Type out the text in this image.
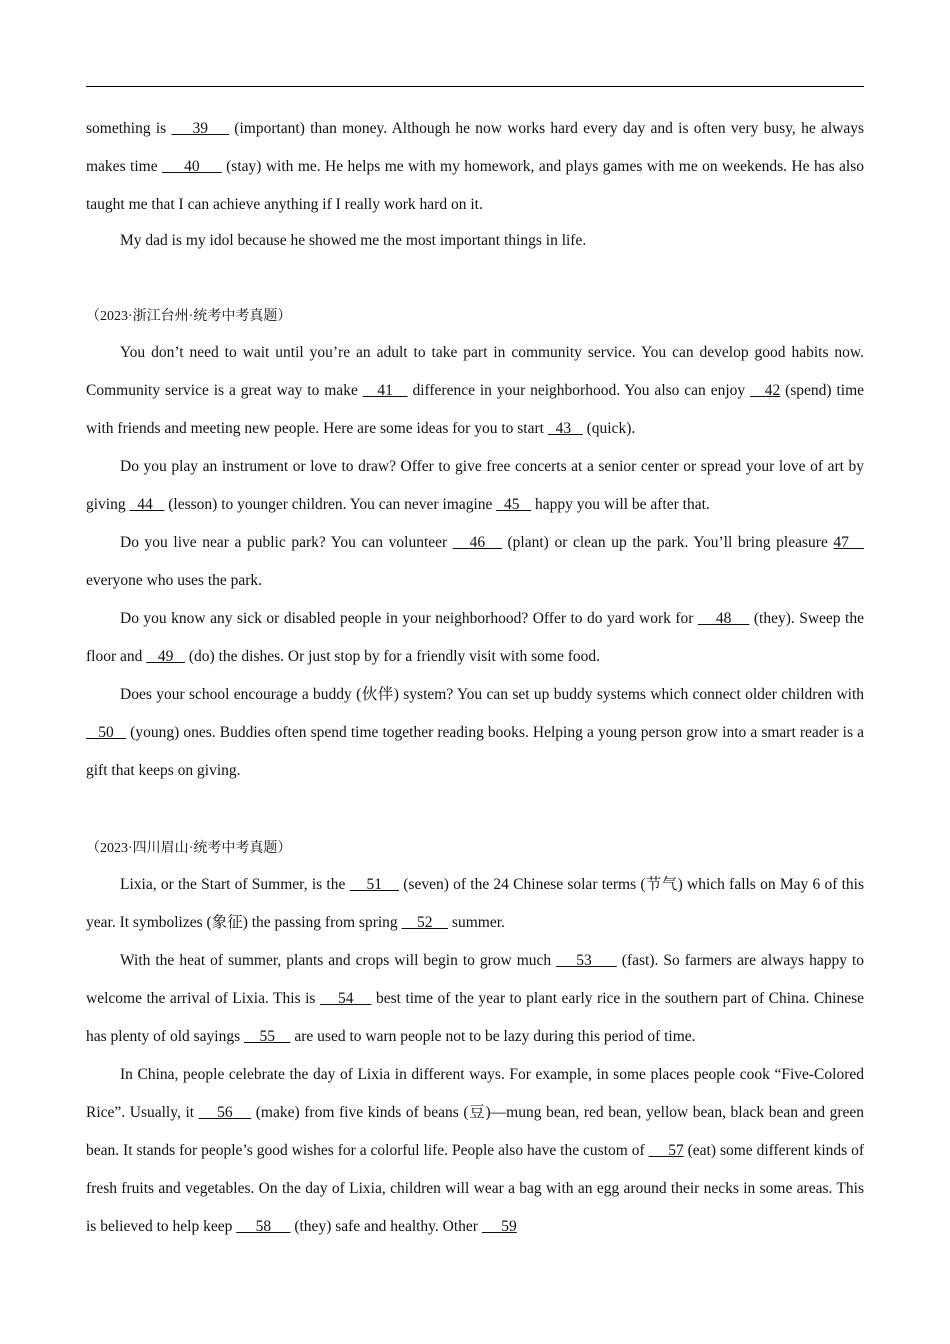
something is     39     (important) than money. Although he now works hard every day and is often very busy, he always makes time      40      (stay) with me. He helps me with my homework, and plays games with me on weekends. He has also taught me that I can achieve anything if I really work hard on it.

My dad is my idol because he showed me the most important things in life.

（2023·浙江台州·统考中考真题）

You don’t need to wait until you’re an adult to take part in community service. You can develop good habits now. Community service is a great way to make    41    difference in your neighborhood. You also can enjoy    42 (spend) time with friends and meeting new people. Here are some ideas for you to start   43    (quick).

Do you play an instrument or love to draw? Offer to give free concerts at a senior center or spread your love of art by giving   44    (lesson) to younger children. You can never imagine   45    happy you will be after that.

Do you live near a public park? You can volunteer    46    (plant) or clean up the park. You’ll bring pleasure 47    everyone who uses the park.

Do you know any sick or disabled people in your neighborhood? Offer to do yard work for     48     (they). Sweep the floor and    49    (do) the dishes. Or just stop by for a friendly visit with some food.

Does your school encourage a buddy (伙伴) system? You can set up buddy systems which connect older children with    50    (young) ones. Buddies often spend time together reading books. Helping a young person grow into a smart reader is a gift that keeps on giving.

（2023·四川眉山·统考中考真题）

Lixia, or the Start of Summer, is the     51     (seven) of the 24 Chinese solar terms (节气) which falls on May 6 of this year. It symbolizes (象征) the passing from spring     52     summer.

With the heat of summer, plants and crops will begin to grow much     53      (fast). So farmers are always happy to welcome the arrival of Lixia. This is     54     best time of the year to plant early rice in the southern part of China. Chinese has plenty of old sayings     55     are used to warn people not to be lazy during this period of time.

In China, people celebrate the day of Lixia in different ways. For example, in some places people cook “Five-Colored Rice”. Usually, it     56     (make) from five kinds of beans (豆)—mung bean, red bean, yellow bean, black bean and green bean. It stands for people’s good wishes for a colorful life. People also have the custom of      57 (eat) some different kinds of fresh fruits and vegetables. On the day of Lixia, children will wear a bag with an egg around their necks in some areas. This is believed to help keep      58      (they) safe and healthy. Other      59
